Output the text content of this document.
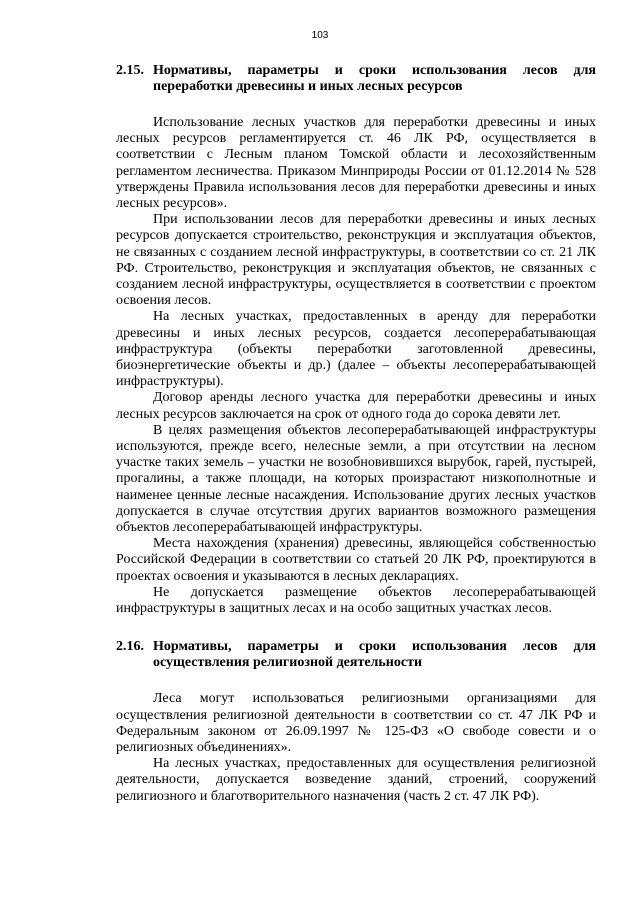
103
2.15. Нормативы, параметры и сроки использования лесов для переработки древесины и иных лесных ресурсов

Использование лесных участков для переработки древесины и иных лесных ресурсов регламентируется ст. 46 ЛК РФ, осуществляется в соответствии с Лесным планом Томской области и лесохозяйственным регламентом лесничества. Приказом Минприроды России от 01.12.2014 № 528 утверждены Правила использования лесов для переработки древесины и иных лесных ресурсов».

При использовании лесов для переработки древесины и иных лесных ресурсов допускается строительство, реконструкция и эксплуатация объектов, не связанных с созданием лесной инфраструктуры, в соответствии со ст. 21 ЛК РФ. Строительство, реконструкция и эксплуатация объектов, не связанных с созданием лесной инфраструктуры, осуществляется в соответствии с проектом освоения лесов.

На лесных участках, предоставленных в аренду для переработки древесины и иных лесных ресурсов, создается лесоперерабатывающая инфраструктура (объекты переработки заготовленной древесины, биоэнергетические объекты и др.) (далее – объекты лесоперерабатывающей инфраструктуры).

Договор аренды лесного участка для переработки древесины и иных лесных ресурсов заключается на срок от одного года до сорока девяти лет.

В целях размещения объектов лесоперерабатывающей инфраструктуры используются, прежде всего, нелесные земли, а при отсутствии на лесном участке таких земель – участки не возобновившихся вырубок, гарей, пустырей, прогалины, а также площади, на которых произрастают низкополнотные и наименее ценные лесные насаждения. Использование других лесных участков допускается в случае отсутствия других вариантов возможного размещения объектов лесоперерабатывающей инфраструктуры.

Места нахождения (хранения) древесины, являющейся собственностью Российской Федерации в соответствии со статьей 20 ЛК РФ, проектируются в проектах освоения и указываются в лесных декларациях.

Не допускается размещение объектов лесоперерабатывающей инфраструктуры в защитных лесах и на особо защитных участках лесов.

2.16. Нормативы, параметры и сроки использования лесов для осуществления религиозной деятельности

Леса могут использоваться религиозными организациями для осуществления религиозной деятельности в соответствии со ст. 47 ЛК РФ и Федеральным законом от 26.09.1997 № 125-ФЗ «О свободе совести и о религиозных объединениях».

На лесных участках, предоставленных для осуществления религиозной деятельности, допускается возведение зданий, строений, сооружений религиозного и благотворительного назначения (часть 2 ст. 47 ЛК РФ).
